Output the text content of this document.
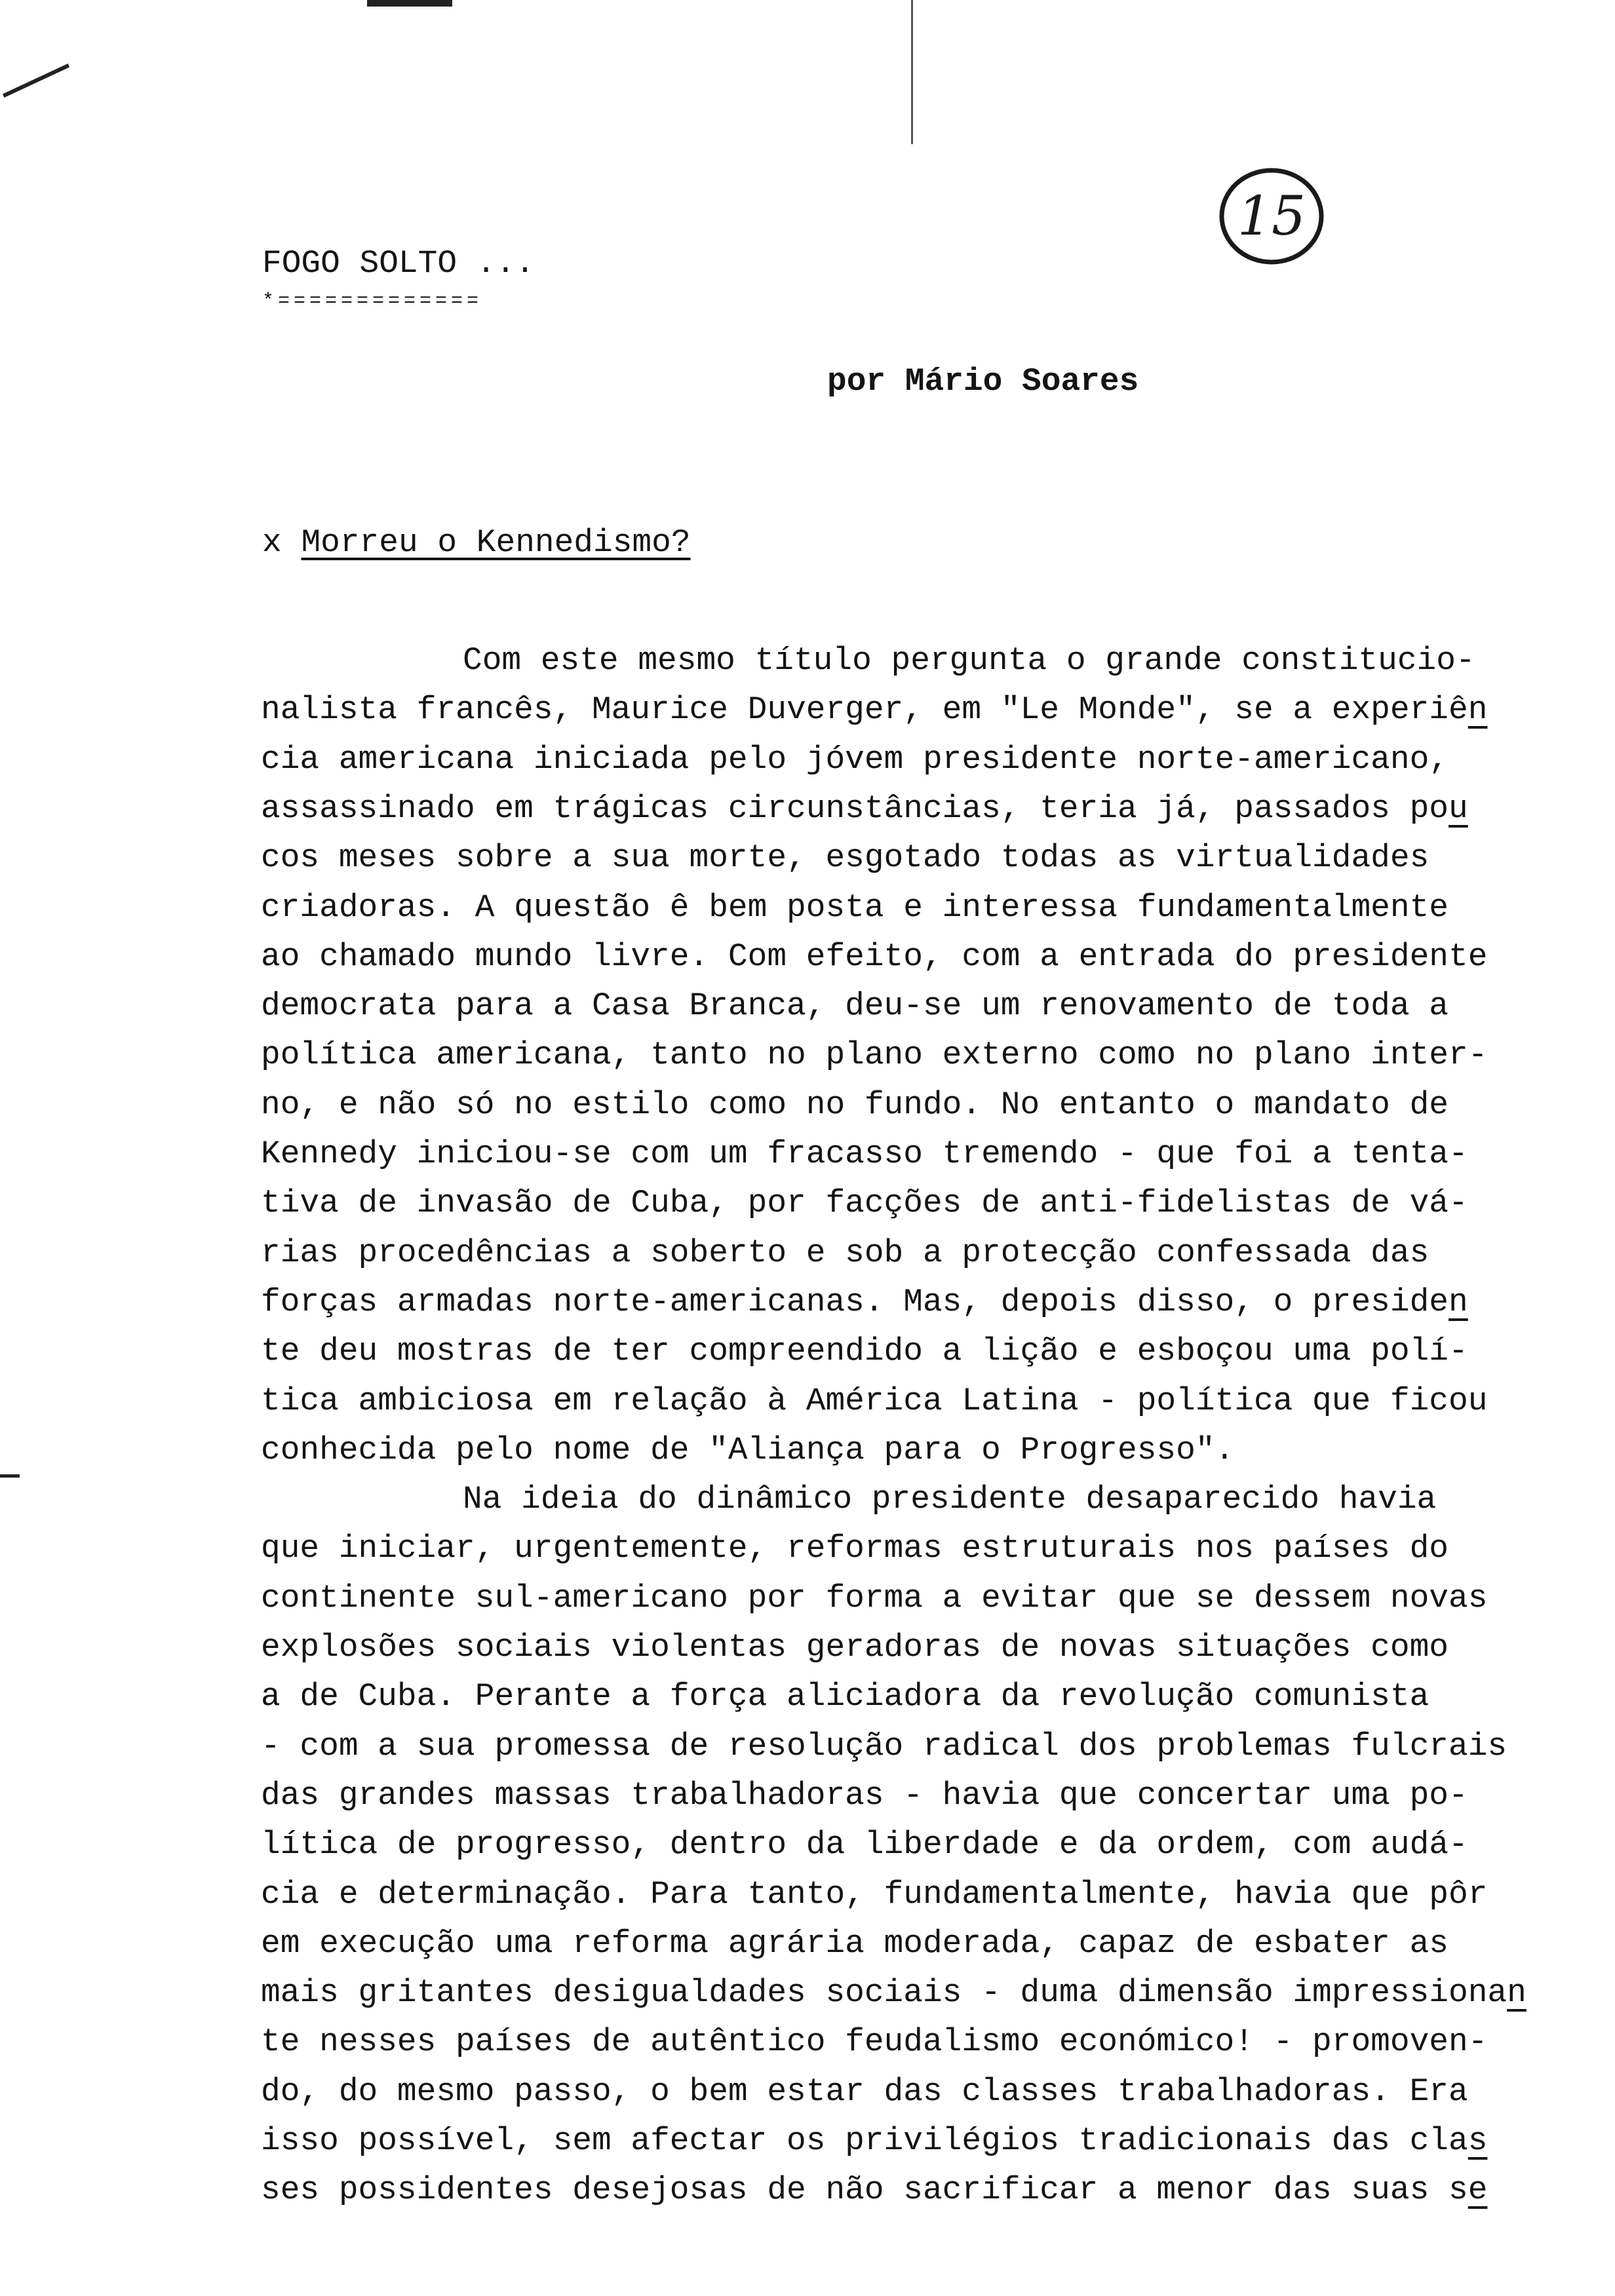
15
FOGO SOLTO ...
*=============
por Mário Soares
x Morreu o Kennedismo?
Com este mesmo título pergunta o grande constitucio-
nalista francês, Maurice Duverger, em "Le Monde", se a experiên
cia americana iniciada pelo jóvem presidente norte-americano,
assassinado em trágicas circunstâncias, teria já, passados pou
cos meses sobre a sua morte, esgotado todas as virtualidades
criadoras. A questão ê bem posta e interessa fundamentalmente
ao chamado mundo livre. Com efeito, com a entrada do presidente
democrata para a Casa Branca, deu-se um renovamento de toda a
política americana, tanto no plano externo como no plano inter-
no, e não só no estilo como no fundo. No entanto o mandato de
Kennedy iniciou-se com um fracasso tremendo - que foi a tenta-
tiva de invasão de Cuba, por facções de anti-fidelistas de vá-
rias procedências a soberto e sob a protecção confessada das
forças armadas norte-americanas. Mas, depois disso, o presiden
te deu mostras de ter compreendido a lição e esboçou uma polí-
tica ambiciosa em relação à América Latina - política que ficou
conhecida pelo nome de "Aliança para o Progresso".
Na ideia do dinâmico presidente desaparecido havia
que iniciar, urgentemente, reformas estruturais nos países do
continente sul-americano por forma a evitar que se dessem novas
explosões sociais violentas geradoras de novas situações como
a de Cuba. Perante a força aliciadora da revolução comunista
- com a sua promessa de resolução radical dos problemas fulcrais
das grandes massas trabalhadoras - havia que concertar uma po-
lítica de progresso, dentro da liberdade e da ordem, com audá-
cia e determinação. Para tanto, fundamentalmente, havia que pôr
em execução uma reforma agrária moderada, capaz de esbater as
mais gritantes desigualdades sociais - duma dimensão impressionan
te nesses países de autêntico feudalismo económico! - promoven-
do, do mesmo passo, o bem estar das classes trabalhadoras. Era
isso possível, sem afectar os privilégios tradicionais das clas
ses possidentes desejosas de não sacrificar a menor das suas se
